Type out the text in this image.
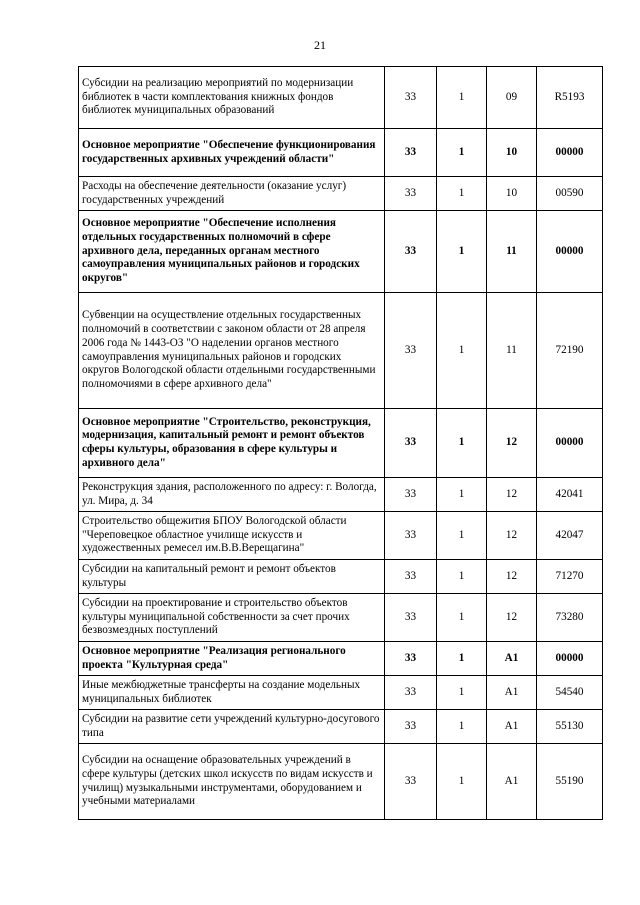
21
Субсидии на реализацию мероприятий по модернизации библиотек в части комплектования книжных фондов библиотек муниципальных образований	33	1	09	R5193
Основное мероприятие "Обеспечение функционирования государственных архивных учреждений области"	33	1	10	00000
Расходы на обеспечение деятельности (оказание услуг) государственных учреждений	33	1	10	00590
Основное мероприятие "Обеспечение исполнения отдельных государственных полномочий в сфере архивного дела, переданных органам местного самоуправления муниципальных районов и городских округов"	33	1	11	00000
Субвенции на осуществление отдельных государственных полномочий в соответствии с законом области от 28 апреля 2006 года № 1443-ОЗ "О наделении органов местного самоуправления муниципальных районов и городских округов Вологодской области отдельными государственными полномочиями в сфере архивного дела"	33	1	11	72190
Основное мероприятие "Строительство, реконструкция, модернизация, капитальный ремонт и ремонт объектов сферы культуры, образования в сфере культуры и архивного дела"	33	1	12	00000
Реконструкция здания, расположенного по адресу: г. Вологда, ул. Мира, д. 34	33	1	12	42041
Строительство общежития БПОУ Вологодской области "Череповецкое областное училище искусств и художественных ремесел им.В.В.Верещагина"	33	1	12	42047
Субсидии на капитальный ремонт и ремонт объектов культуры	33	1	12	71270
Субсидии на проектирование и строительство объектов культуры муниципальной собственности за счет прочих безвозмездных поступлений	33	1	12	73280
Основное мероприятие "Реализация регионального проекта "Культурная среда"	33	1	А1	00000
Иные межбюджетные трансферты на создание модельных муниципальных библиотек	33	1	А1	54540
Субсидии на развитие сети учреждений культурно-досугового типа	33	1	А1	55130
Субсидии на оснащение образовательных учреждений в сфере культуры (детских школ искусств по видам искусств и училищ) музыкальными инструментами, оборудованием и учебными материалами	33	1	А1	55190
